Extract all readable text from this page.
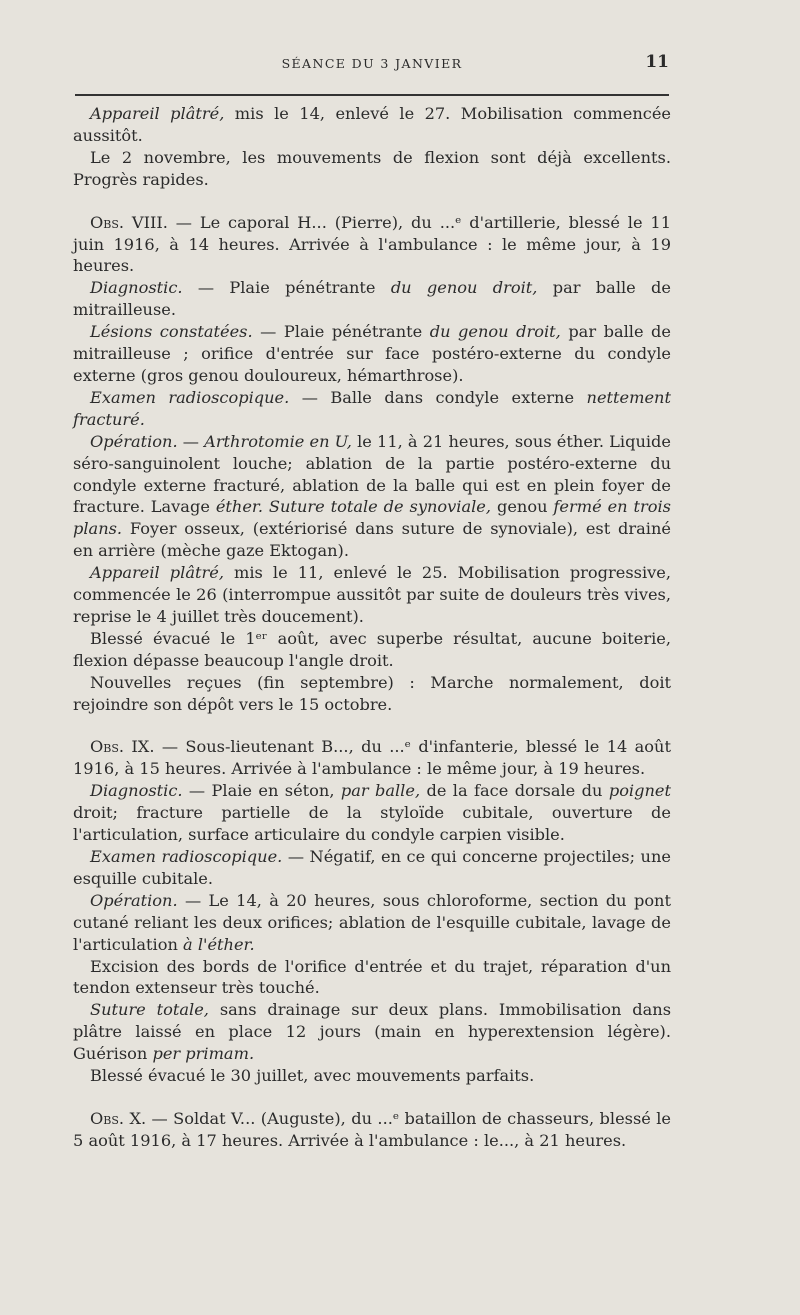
SÉANCE DU 3 JANVIER	11

Appareil plâtré, mis le 14, enlevé le 27. Mobilisation commencée aussitôt.

Le 2 novembre, les mouvements de flexion sont déjà excellents. Progrès rapides.

Obs. VIII. — Le caporal H... (Pierre), du ...ᵉ d'artillerie, blessé le 11 juin 1916, à 14 heures. Arrivée à l'ambulance : le même jour, à 19 heures.

Diagnostic. — Plaie pénétrante du genou droit, par balle de mitrailleuse.

Lésions constatées. — Plaie pénétrante du genou droit, par balle de mitrailleuse ; orifice d'entrée sur face postéro-externe du condyle externe (gros genou douloureux, hémarthrose).

Examen radioscopique. — Balle dans condyle externe nettement fracturé.

Opération. — Arthrotomie en U, le 11, à 21 heures, sous éther. Liquide séro-sanguinolent louche; ablation de la partie postéro-externe du condyle externe fracturé, ablation de la balle qui est en plein foyer de fracture. Lavage éther. Suture totale de synoviale, genou fermé en trois plans. Foyer osseux, (extériorisé dans suture de synoviale), est drainé en arrière (mèche gaze Ektogan).

Appareil plâtré, mis le 11, enlevé le 25. Mobilisation progressive, commencée le 26 (interrompue aussitôt par suite de douleurs très vives, reprise le 4 juillet très doucement).

Blessé évacué le 1ᵉʳ août, avec superbe résultat, aucune boiterie, flexion dépasse beaucoup l'angle droit.

Nouvelles reçues (fin septembre) : Marche normalement, doit rejoindre son dépôt vers le 15 octobre.

Obs. IX. — Sous-lieutenant B..., du ...ᵉ d'infanterie, blessé le 14 août 1916, à 15 heures. Arrivée à l'ambulance : le même jour, à 19 heures.

Diagnostic. — Plaie en séton, par balle, de la face dorsale du poignet droit; fracture partielle de la styloïde cubitale, ouverture de l'articulation, surface articulaire du condyle carpien visible.

Examen radioscopique. — Négatif, en ce qui concerne projectiles; une esquille cubitale.

Opération. — Le 14, à 20 heures, sous chloroforme, section du pont cutané reliant les deux orifices; ablation de l'esquille cubitale, lavage de l'articulation à l'éther.

Excision des bords de l'orifice d'entrée et du trajet, réparation d'un tendon extenseur très touché.

Suture totale, sans drainage sur deux plans. Immobilisation dans plâtre laissé en place 12 jours (main en hyperextension légère). Guérison per primam.

Blessé évacué le 30 juillet, avec mouvements parfaits.

Obs. X. — Soldat V... (Auguste), du ...ᵉ bataillon de chasseurs, blessé le 5 août 1916, à 17 heures. Arrivée à l'ambulance : le..., à 21 heures.
